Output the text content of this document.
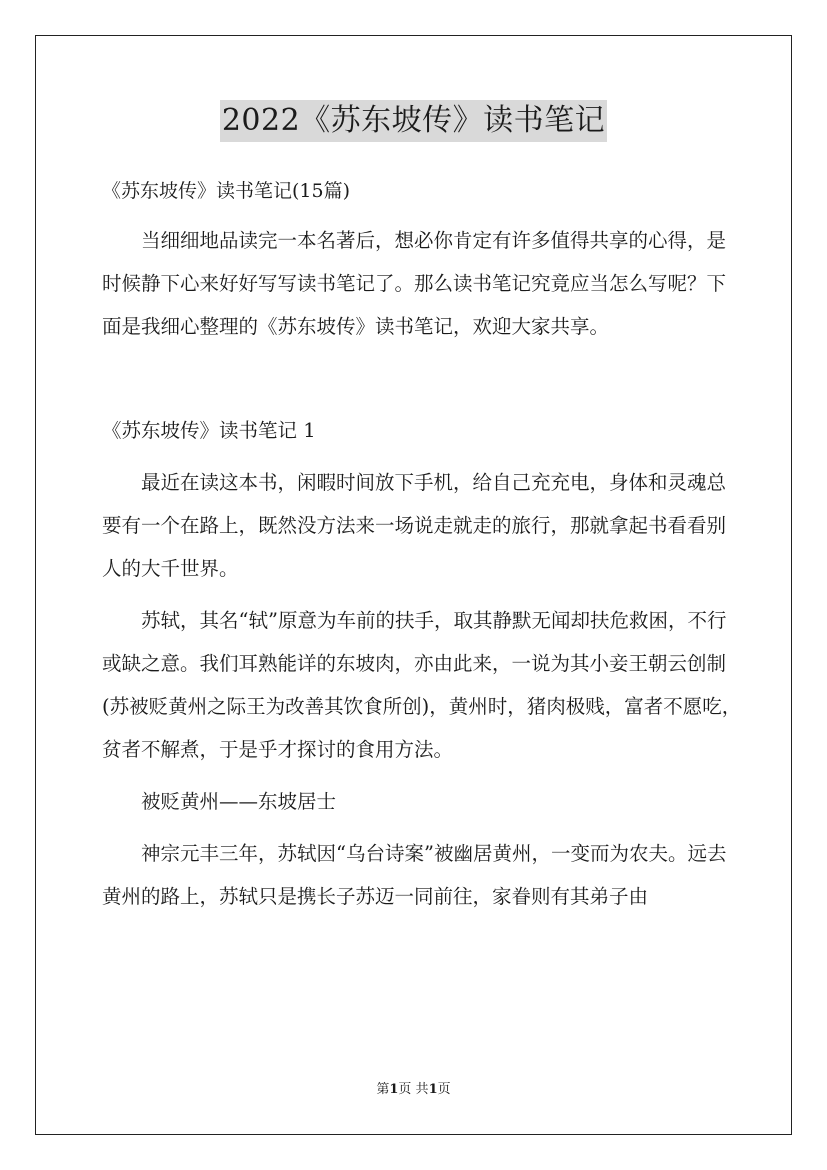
2022《苏东坡传》读书笔记

《苏东坡传》读书笔记(15篇)

当细细地品读完一本名著后，想必你肯定有许多值得共享的心得，是时候静下心来好好写写读书笔记了。那么读书笔记究竟应当怎么写呢？下面是我细心整理的《苏东坡传》读书笔记，欢迎大家共享。

《苏东坡传》读书笔记 1

最近在读这本书，闲暇时间放下手机，给自己充充电，身体和灵魂总要有一个在路上，既然没方法来一场说走就走的旅行，那就拿起书看看别人的大千世界。

苏轼，其名“轼”原意为车前的扶手，取其静默无闻却扶危救困，不行或缺之意。我们耳熟能详的东坡肉，亦由此来，一说为其小妾王朝云创制(苏被贬黄州之际王为改善其饮食所创)，黄州时，猪肉极贱，富者不愿吃，贫者不解煮，于是乎才探讨的食用方法。

被贬黄州——东坡居士

神宗元丰三年，苏轼因“乌台诗案”被幽居黄州，一变而为农夫。远去黄州的路上，苏轼只是携长子苏迈一同前往，家眷则有其弟子由

第1页 共1页
